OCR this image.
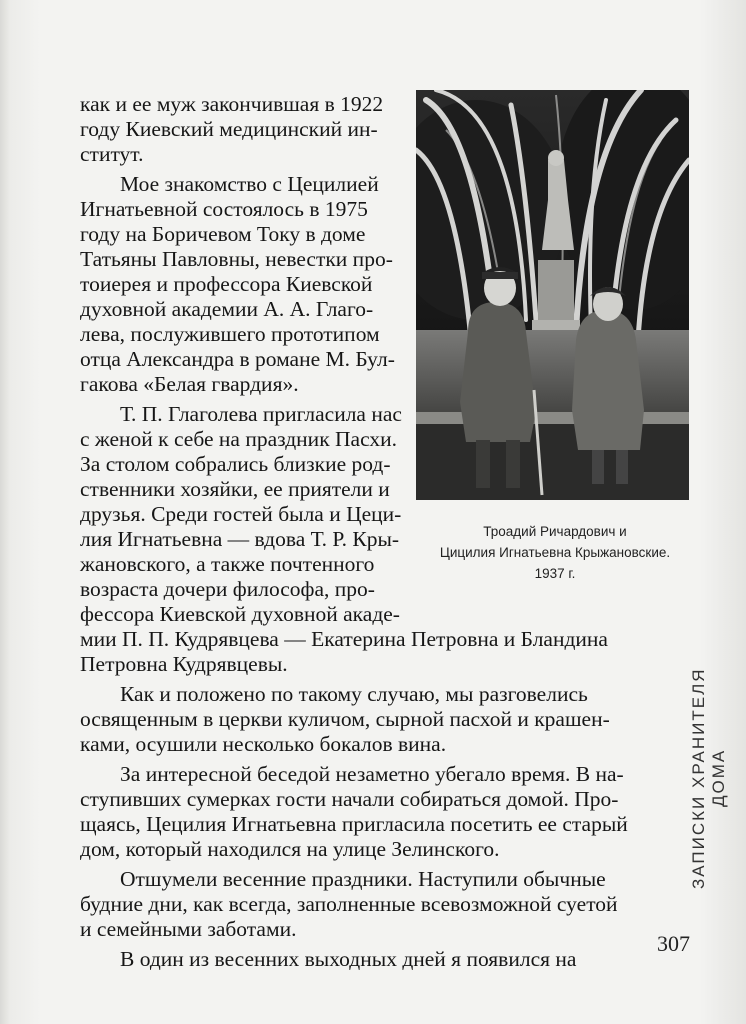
как и ее муж закончившая в 1922
году Киевский медицинский ин-
ститут.
Мое знакомство с Цецилией
Игнатьевной состоялось в 1975
году на Боричевом Току в доме
Татьяны Павловны, невестки про-
тоиерея и профессора Киевской
духовной академии А. А. Глаго-
лева, послужившего прототипом
отца Александра в романе М. Бул-
гакова «Белая гвардия».
Т. П. Глаголева пригласила нас
с женой к себе на праздник Пасхи.
За столом собрались близкие род-
ственники хозяйки, ее приятели и
друзья. Среди гостей была и Цеци-
лия Игнатьевна — вдова Т. Р. Кры-
жановского, а также почтенного
возраста дочери философа, про-
фессора Киевской духовной акаде-
мии П. П. Кудрявцева — Екатерина Петровна и Бландина
Петровна Кудрявцевы.
Как и положено по такому случаю, мы разговелись
освященным в церкви куличом, сырной пасхой и крашен-
ками, осушили несколько бокалов вина.
За интересной беседой незаметно убегало время. В на-
ступивших сумерках гости начали собираться домой. Про-
щаясь, Цецилия Игнатьевна пригласила посетить ее старый
дом, который находился на улице Зелинского.
Отшумели весенние праздники. Наступили обычные
будние дни, как всегда, заполненные всевозможной суетой
и семейными заботами.
В один из весенних выходных дней я появился на
Троадий Ричардович и
Цицилия Игнатьевна Крыжановские.
1937 г.
ЗАПИСКИ ХРАНИТЕЛЯ ДОМА
307
